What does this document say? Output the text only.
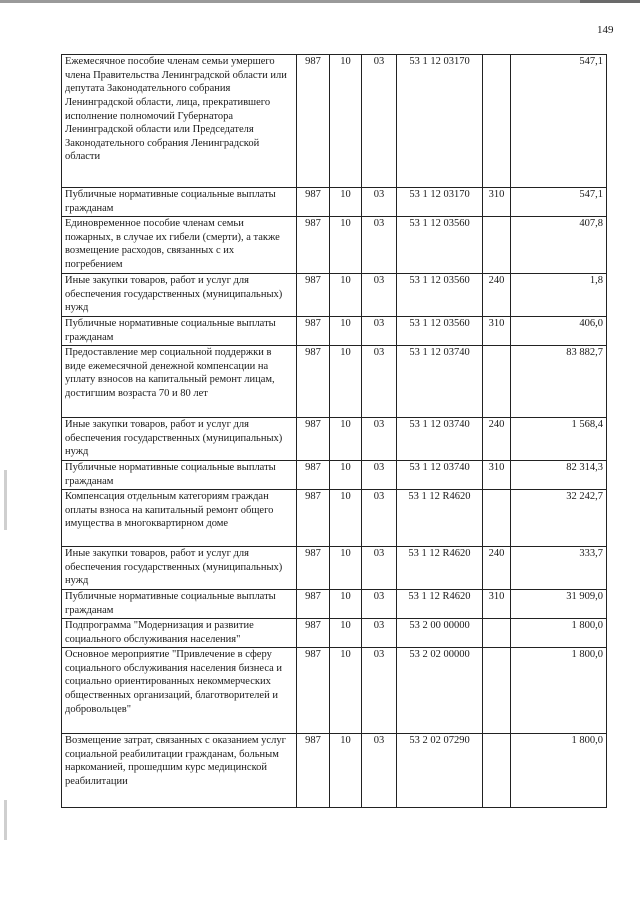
149
Ежемесячное пособие членам семьи умершего члена Правительства Ленинградской области или депутата Законодательного собрания Ленинградской области, лица, прекратившего исполнение полномочий Губернатора Ленинградской области или Председателя Законодательного собрания Ленинградской области	987	10	03	53 1 12 03170		547,1
Публичные нормативные социальные выплаты гражданам	987	10	03	53 1 12 03170	310	547,1
Единовременное пособие членам семьи пожарных, в случае их гибели (смерти), а также возмещение расходов, связанных с их погребением	987	10	03	53 1 12 03560		407,8
Иные закупки товаров, работ и услуг для обеспечения государственных (муниципальных) нужд	987	10	03	53 1 12 03560	240	1,8
Публичные нормативные социальные выплаты гражданам	987	10	03	53 1 12 03560	310	406,0
Предоставление мер социальной поддержки в виде ежемесячной денежной компенсации на уплату взносов на капитальный ремонт лицам, достигшим возраста 70 и 80 лет	987	10	03	53 1 12 03740		83 882,7
Иные закупки товаров, работ и услуг для обеспечения государственных (муниципальных) нужд	987	10	03	53 1 12 03740	240	1 568,4
Публичные нормативные социальные выплаты гражданам	987	10	03	53 1 12 03740	310	82 314,3
Компенсация отдельным категориям граждан оплаты взноса на капитальный ремонт общего имущества в многоквартирном доме	987	10	03	53 1 12 R4620		32 242,7
Иные закупки товаров, работ и услуг для обеспечения государственных (муниципальных) нужд	987	10	03	53 1 12 R4620	240	333,7
Публичные нормативные социальные выплаты гражданам	987	10	03	53 1 12 R4620	310	31 909,0
Подпрограмма "Модернизация и развитие социального обслуживания населения"	987	10	03	53 2 00 00000		1 800,0
Основное мероприятие "Привлечение в сферу социального обслуживания населения бизнеса и социально ориентированных некоммерческих общественных организаций, благотворителей и добровольцев"	987	10	03	53 2 02 00000		1 800,0
Возмещение затрат, связанных с оказанием услуг социальной реабилитации гражданам, больным наркоманией, прошедшим курс медицинской реабилитации	987	10	03	53 2 02 07290		1 800,0
